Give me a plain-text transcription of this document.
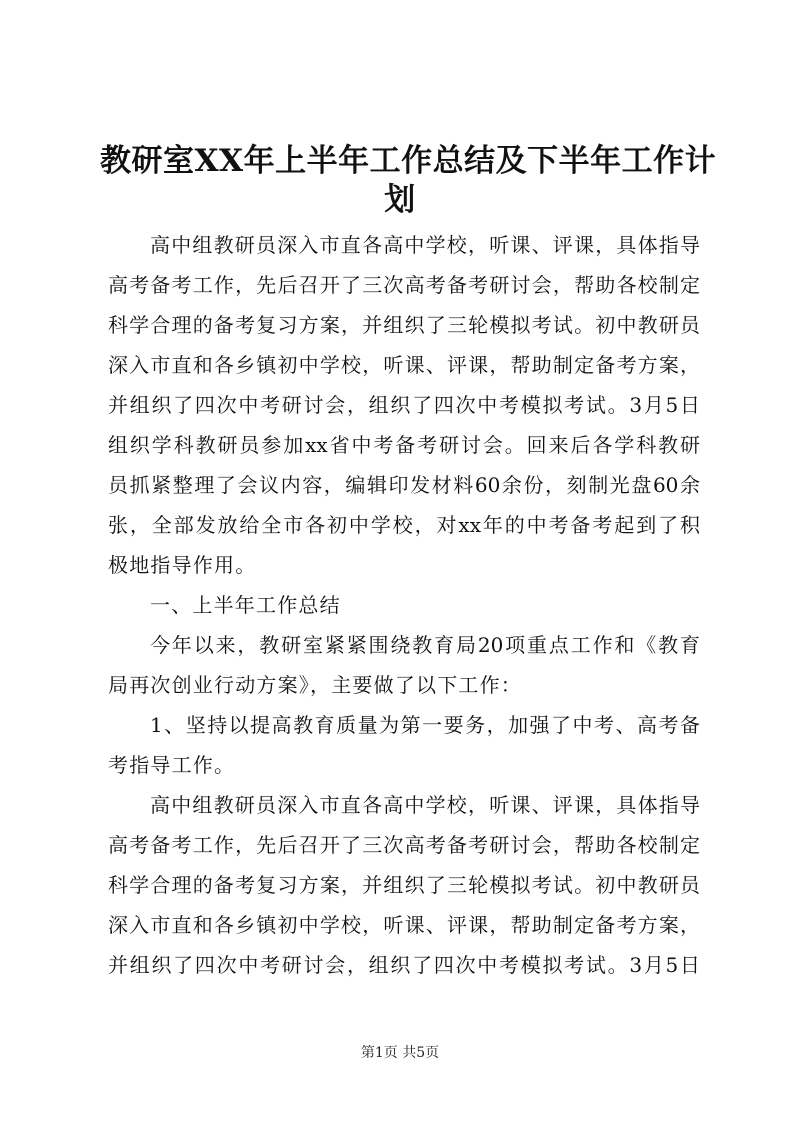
教研室XX年上半年工作总结及下半年工作计
划
高中组教研员深入市直各高中学校，听课、评课，具体指导
高考备考工作，先后召开了三次高考备考研讨会，帮助各校制定
科学合理的备考复习方案，并组织了三轮模拟考试。初中教研员
深入市直和各乡镇初中学校，听课、评课，帮助制定备考方案，
并组织了四次中考研讨会，组织了四次中考模拟考试。3月5日
组织学科教研员参加xx省中考备考研讨会。回来后各学科教研
员抓紧整理了会议内容，编辑印发材料60余份，刻制光盘60余
张，全部发放给全市各初中学校，对xx年的中考备考起到了积
极地指导作用。
一、上半年工作总结
今年以来，教研室紧紧围绕教育局20项重点工作和《教育
局再次创业行动方案》，主要做了以下工作：
1、坚持以提高教育质量为第一要务，加强了中考、高考备
考指导工作。
高中组教研员深入市直各高中学校，听课、评课，具体指导
高考备考工作，先后召开了三次高考备考研讨会，帮助各校制定
科学合理的备考复习方案，并组织了三轮模拟考试。初中教研员
深入市直和各乡镇初中学校，听课、评课，帮助制定备考方案，
并组织了四次中考研讨会，组织了四次中考模拟考试。3月5日
第1页 共5页
